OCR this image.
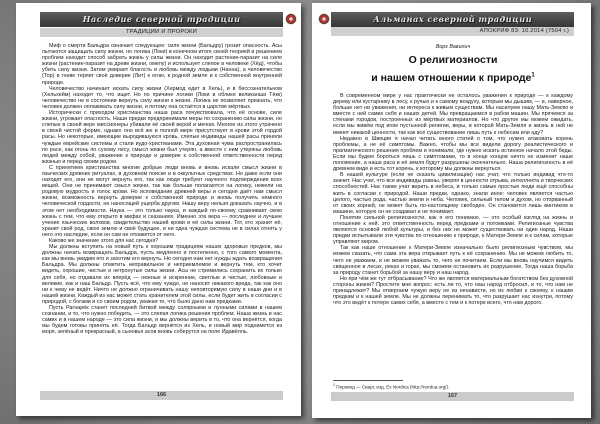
Наследие северной традиции
ТРАДИЦИИ И ПРОРОКИ

Миф о смерти Бальдра означает следующее: силе жизни (Бальдру) грозит опасность. Асы пытаются защищать силу жизни, но логика (Локи) в конечном итоге своей теорией и решением проблем находит способ забрать жизнь у силы жизни. Он находит растение-паразит на силе жизни (растение-паразит на древе жизни, омелу) и использует слепое в человеке (Хёд), чтобы убить силу жизни. Затем умирает благость и любовь между людьми (Нанна), а человечество (Тор) в гневе теряет своё доверие (Лит) к огню, к родной земле и к собственной внутренней природе.

Человечество начинает искать силу жизни (Хермод едет в Хель), и в бессознательном (Хельхейм) находит то, что ищет. Но по причине логики (Локи в облике великанши Тёкк) человечество не в состоянии вернуть силу жизни к жизни. Логика не позволяет признать, что человек должен оплакивать силу жизни, и потому она остаётся в царстве мёртвых.

Исторически с приходом христианства наша раса почувствовала, что её основе, силе жизни, угрожает опасность. Наши предки предпринимали меры по сохранению силы жизни, но слепые в своей вере миссионеры убивали её своей верой и мечом. Многое из этого утрачено в своей чистой форме, однако оно всё же в полной мере присутствует в крови этой гордой расы. Но некоторые, имеющие выродившуюся кровь, слепые индивиды нашей расы приняли чуждые еврейские системы и стали иудо-христианами. Эта духовная чума распространилась по расе, как огонь по сухому лесу, смысл жизни был утерян, а вместе с ним утеряны любовь людей между собой, уважение к природе и доверие к собственной ответственности перед жизнью и перед своим родом.

С принятием христианства многие добрые люди вновь и вновь искали смысл жизни в языческих древних ритуалах, в духовном поиске и в оккультных средствах. Но даже если они находят его, они не могут вернуть его, так как люди требуют научного подтверждения всех вещей. Они не принимают смысл жизни, так как больше полагаются на логику, нежели на родовую мудрость и голос крови. Но исповедание древней веры и сегодня даёт нам смысл жизни, возможность вернуть доверие к собственной природе и вновь получить немного человеческой гордости, не наносящей ущерба другим. Нашу веру нельзя доказать научно, и в этом нет необходимости. Наука — это только наука, и каждый по-своему сравнивает свою жизнь с тем, что ему открыто в мифах и сказаниях. Именно эта вера — последнее и лучшее учение языческих волхвов, свидетельство нашей крови и её силы жизни. Тот, кто хранит её, хранит свой род, свою землю и своё будущее, и ни одна чуждая система не в силах отнять у него это наследие, если он сам не откажется от него.

Каково же значение этого для нас сегодня?

Мы должны вступить на новый путь к хорошим традициям наших здоровых предков, мы должны начать возвращать Бальдра, пусть медленно и постепенно, с того самого момента, как мы вновь увидим его и захотим его вернуть. Но сегодня нам нет нужды ждать возвращения Бальдра. Мы должны отметить неправильное и неприемлемое и вернуть тем, кто хочет видеть, хорошие, чистые и нетронутые силы жизни. Асы не стремились сохранить их только для себя, но отдавали их вперёд — нежные и искренние, светлые и чистые, любовные и великие, как и наш Бальдр. Пусть всё, что ему чуждо, не наносит никакого вреда, так как оно ни к чему не ведёт. Ничто не должно ограничивать нашу неповторимую силу в наши дни и в нашей жизни. Каждый из нас может стать хранителем этой силы, если будет жить в согласии с природой, с богами и со своим родом, уважая то, что было дано нам предками.

Пусть Рагнарёк станет последней битвой между солярными и лунными силами в нашем сознании, и то, что нужно победить, — это слепая логика решения проблем. Наша жизнь в нас самих и в нашем народе — это сила жизни, и мы должны верить в то, что она вернётся, когда мы будем готовы принять её. Тогда Бальдр вернётся из Хель, и новый мир поднимется из моря, зелёный и прекрасный, а сыновья асов вновь соберутся на поле Идавёлль.

166
Альманах северной традиции
АПОКРИФ 83: 10.2014 (7504 г.)
Ворг Вавилич
О религиозности
и нашем отношении к природе$^1$

В современном мире у нас практически не осталось уважения к природе — к каждому дереву или кустарнику в лесу, к ручью и к самому воздуху, которым мы дышим, — и, наверное, больше нет ни уважения, ни интереса к живым существам. Мы насилуем нашу Мать-Землю и вместе с ней самих себя и наших детей. Мы превращаемся в рабов машин. Мы прячемся за стенами городов, построенных из мёртвых материалов. Но что другое мы можем ожидать, если мы живём под игом пустынной религии, веры, в которой Мать-Земля и жизнь в ней не имеют никакой ценности, так как всё существование лишь путь к небесам или аду?

Недавно в Швеции я начал читать много статей о том, что нужно атаковать корень проблемы, а не её симптомы. Важно, чтобы мы все видели дорогу реалистического и прагматического решения проблем и понимали, где нужно искать истинное начало этой беды. Если мы будем бороться лишь с симптомами, то в конце концов ничто не изменит наше положение, а наша раса и её земля будут разрушены окончательно. Наша религиозность в её древнем виде и есть тот корень, к которому мы должны вернуться.

В нашей культуре (если не сказать цивилизации) нас учат, что только индивид что-то значит. Нас учат, что все индивиды равны, уверяя в ценности отрыва, интеллекта и творческих способностей. Нас также учат верить в небеса, и только самые простые люди ещё способны жить в согласии с природой. Наши предки, однако, знали иное: человек является частью целого, частью рода, частью земли и неба. Человек, сильный телом и духом, но оторванный от своих корней, не может быть по-настоящему свободен. Он становится лишь винтиком в машине, которую он не создавал и не понимает.

Понятие сильной религиозности, как я его понимаю, — это особый взгляд на жизнь и отношение к ней, это ответственность перед предками и потомками. Религиозные чувства являются основой любой культуры, и без них не может существовать ни один народ. Наши предки испытывали эти чувства по отношению к природе, к Матери-Земле и к силам, которые управляют миром.

Так как наше отношение к Матери-Земле изначально было религиозным чувством, мы можем сказать, что сама эта вера открывает путь к её сохранению. Мы не можем любить то, чего не уважаем, и не можем уважать то, чего не почитаем. Если мы вновь научимся видеть священное в лесах, реках и горах, мы сможем остановить их разрушение. Тогда наша борьба за природу станет борьбой за нашу веру и наш народ.

Но при чём же тут отбрасывание? Что же является материальным богатством без духовной стороны жизни? Простите мне вопрос: есть ли то, что наш народ отбросил, и то, что нам не принадлежит? Мы отвергаем чужую веру не из ненависти, но из любви к своему, к нашим предкам и к нашей земле. Мы не должны перенимать то, что разрушает нас изнутри, потому что это ведёт к потере самих себя, а вместе с тем и к потере всего, что нам дорого.

$^1$ Перевод — Сварг, изд. Ex Nordica (http://nordua.org/).
167
